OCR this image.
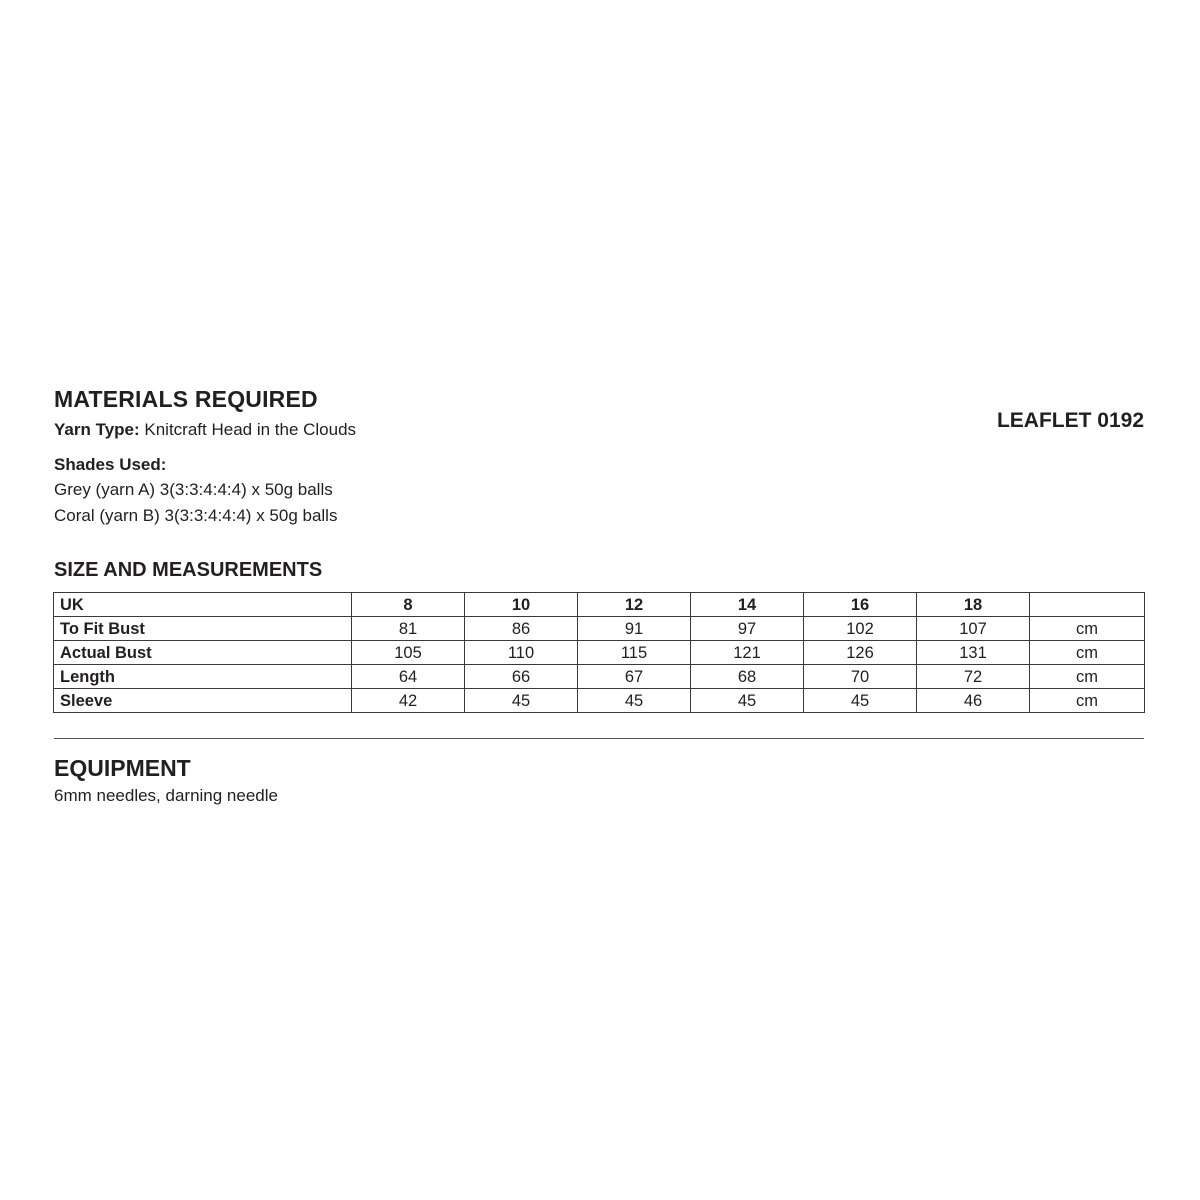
MATERIALS REQUIRED
LEAFLET 0192
Yarn Type: Knitcraft Head in the Clouds
Shades Used:
Grey (yarn A) 3(3:3:4:4:4) x 50g balls
Coral (yarn B) 3(3:3:4:4:4) x 50g balls
SIZE AND MEASUREMENTS
UK	8	10	12	14	16	18	
To Fit Bust	81	86	91	97	102	107	cm
Actual Bust	105	110	115	121	126	131	cm
Length	64	66	67	68	70	72	cm
Sleeve	42	45	45	45	45	46	cm
EQUIPMENT
6mm needles, darning needle
